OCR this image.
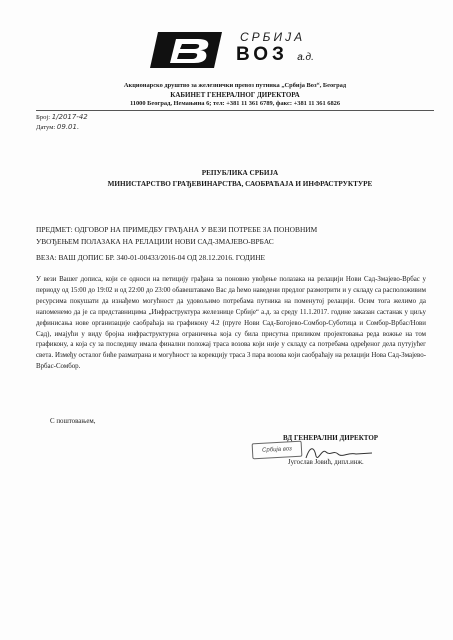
СРБИЈА
ВОЗ а.д.
Акционарско друштво за железнички превоз путника „Србија Воз“, Београд
КАБИНЕТ ГЕНЕРАЛНОГ ДИРЕКТОРА
11000 Београд, Немањина 6; тел: +381 11 361 6789, факс: +381 11 361 6826
Број: 1/2017-42
Датум: 09.01.
РЕПУБЛИКА СРБИЈА
МИНИСТАРСТВО ГРАЂЕВИНАРСТВА, САОБРАЋАЈА И ИНФРАСТРУКТУРЕ
ПРЕДМЕТ: ОДГОВОР НА ПРИМЕДБУ ГРАЂАНА У ВЕЗИ ПОТРЕБЕ ЗА ПОНОВНИМ
УВОЂЕЊЕМ ПОЛАЗАКА НА РЕЛАЦИЈИ НОВИ САД-ЗМАЈЕВО-ВРБАС
ВЕЗА: ВАШ ДОПИС БР. 340-01-00433/2016-04 ОД 28.12.2016. ГОДИНЕ
У вези Вашег дописа, који се односи на петицију грађана за поновно увођење полазака на релацији Нови Сад-Змајево-Врбас у периоду од 15:00 до 19:02 и од 22:00 до 23:00 обавештавамо Вас да ћемо наведени предлог размотрити и у складу са расположивим ресурсима покушати да изнађемо могућност да удовољимо потребама путника на поменутој релацији. Осим тога желимо да напоменемо да је са представницима „Инфраструктура железнице Србије“ а.д. за среду 11.1.2017. године заказан састанак у циљу дефинисања нове организације саобраћаја на графикону 4.2 (пруге Нови Сад-Богојево-Сомбор-Суботица и Сомбор-Врбас/Нови Сад), имајући у виду бројна инфраструктурна ограничења која су била присутна приликом пројектовања реда вожње на том графикону, а која су за последицу имала финални положај траса возова који није у складу са потребама одређеног дела путујућег света. Између осталог биће разматрана и могућност за корекцију траса 3 пара возова који саобраћају на релацији Нова Сад-Змајево-Врбас-Сомбор.
С поштовањем,
ВД ГЕНЕРАЛНИ ДИРЕКТОР
Србија воз
Југослав Јовић, дипл.инж.
